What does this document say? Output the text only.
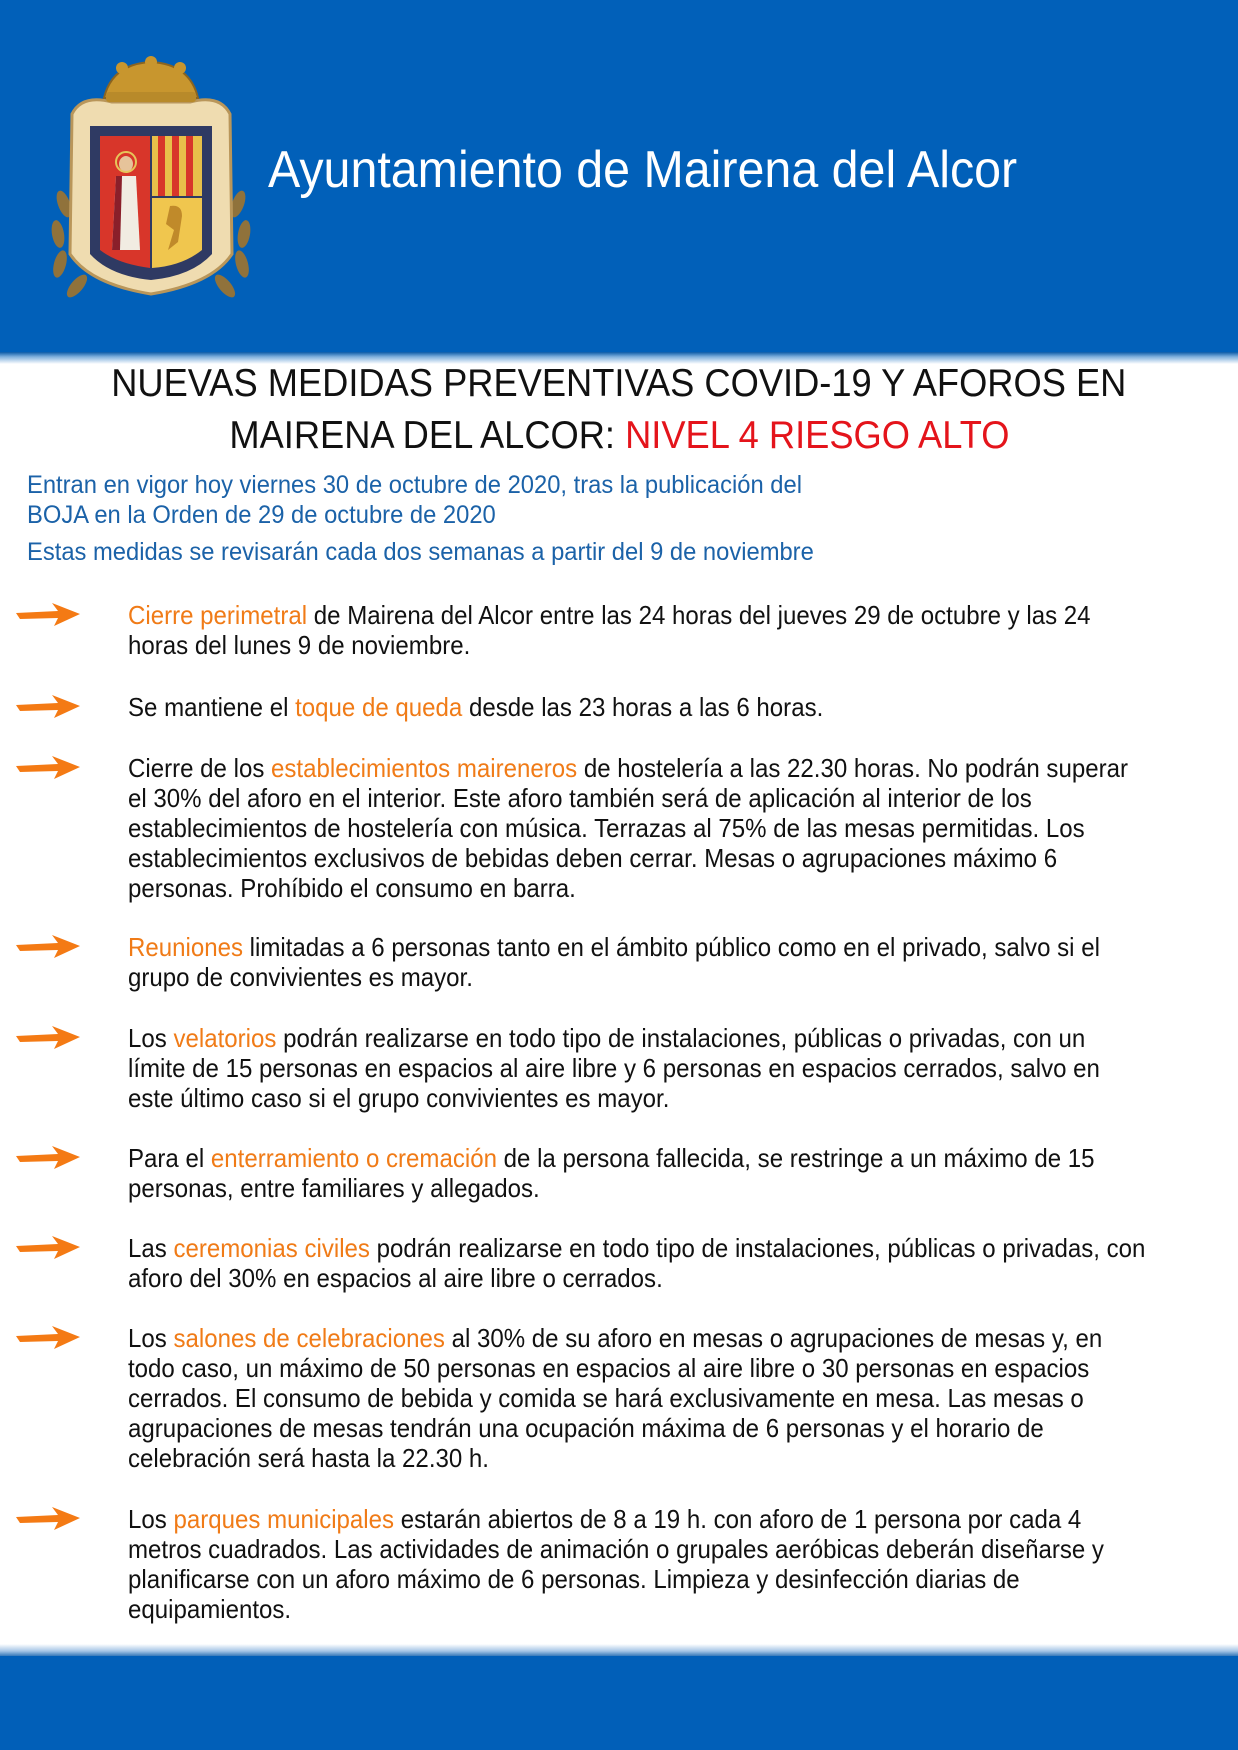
Ayuntamiento de Mairena del Alcor
NUEVAS MEDIDAS PREVENTIVAS COVID-19 Y AFOROS EN
MAIRENA DEL ALCOR: NIVEL 4 RIESGO ALTO
Entran en vigor hoy viernes 30 de octubre de 2020, tras la publicación del
BOJA en la Orden de 29 de octubre de 2020
Estas medidas se revisarán cada dos semanas a partir del 9 de noviembre
Cierre perimetral de Mairena del Alcor entre las 24 horas del jueves 29 de octubre y las 24 horas del lunes 9 de noviembre.
Se mantiene el toque de queda desde las 23 horas a las 6 horas.
Cierre de los establecimientos maireneros de hostelería a las 22.30 horas. No podrán superar el 30% del aforo en el interior. Este aforo también será de aplicación al interior de los establecimientos de hostelería con música. Terrazas al 75% de las mesas permitidas. Los establecimientos exclusivos de bebidas deben cerrar. Mesas o agrupaciones máximo 6 personas. Prohíbido el consumo en barra.
Reuniones limitadas a 6 personas tanto en el ámbito público como en el privado, salvo si el grupo de convivientes es mayor.
Los velatorios podrán realizarse en todo tipo de instalaciones, públicas o privadas, con un límite de 15 personas en espacios al aire libre y 6 personas en espacios cerrados, salvo en este último caso si el grupo convivientes es mayor.
Para el enterramiento o cremación de la persona fallecida, se restringe a un máximo de 15 personas, entre familiares y allegados.
Las ceremonias civiles podrán realizarse en todo tipo de instalaciones, públicas o privadas, con aforo del 30% en espacios al aire libre o cerrados.
Los salones de celebraciones al 30% de su aforo en mesas o agrupaciones de mesas y, en todo caso, un máximo de 50 personas en espacios al aire libre o 30 personas en espacios cerrados. El consumo de bebida y comida se hará exclusivamente en mesa. Las mesas o agrupaciones de mesas tendrán una ocupación máxima de 6 personas y el horario de celebración será hasta la 22.30 h.
Los parques municipales estarán abiertos de 8 a 19 h. con aforo de 1 persona por cada 4 metros cuadrados. Las actividades de animación o grupales aeróbicas deberán diseñarse y planificarse con un aforo máximo de 6 personas. Limpieza y desinfección diarias de equipamientos.
